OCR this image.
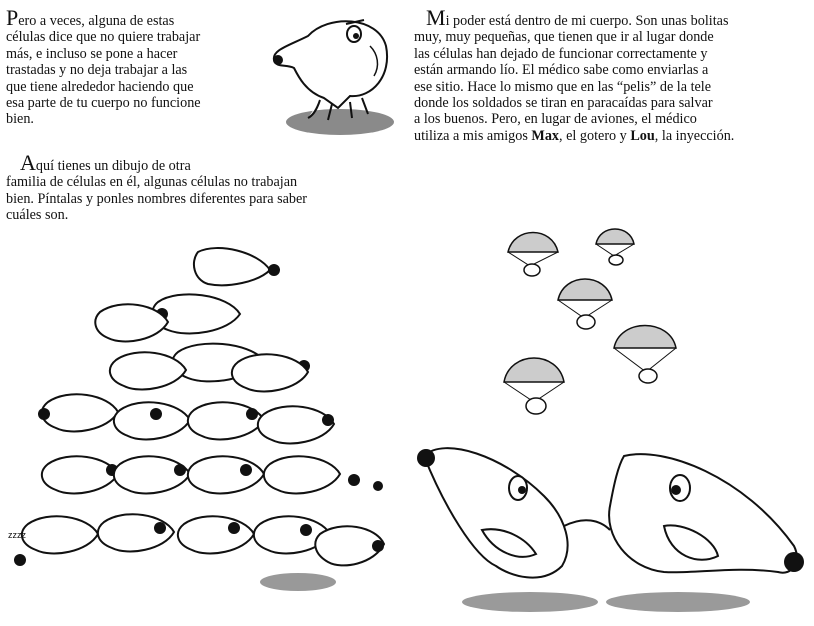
Pero a veces, alguna de estas
células dice que no quiere trabajar
más, e incluso se pone a hacer
trastadas y no deja trabajar a las
que tiene alrededor haciendo que
esa parte de tu cuerpo no funcione
bien.
Aquí tienes un dibujo de otra
familia de células en él, algunas células no trabajan
bien. Píntalas y ponles nombres diferentes para saber
cuáles son.
Mi poder está dentro de mi cuerpo. Son unas bolitas
muy, muy pequeñas, que tienen que ir al lugar donde
las células han dejado de funcionar correctamente y
están armando lío. El médico sabe como enviarlas a
ese sitio. Hace lo mismo que en las “pelis” de la tele
donde los soldados se tiran en paracaídas para salvar
a los buenos. Pero, en lugar de aviones, el médico
utiliza a mis amigos Max, el gotero y Lou, la inyección.
zzzz
